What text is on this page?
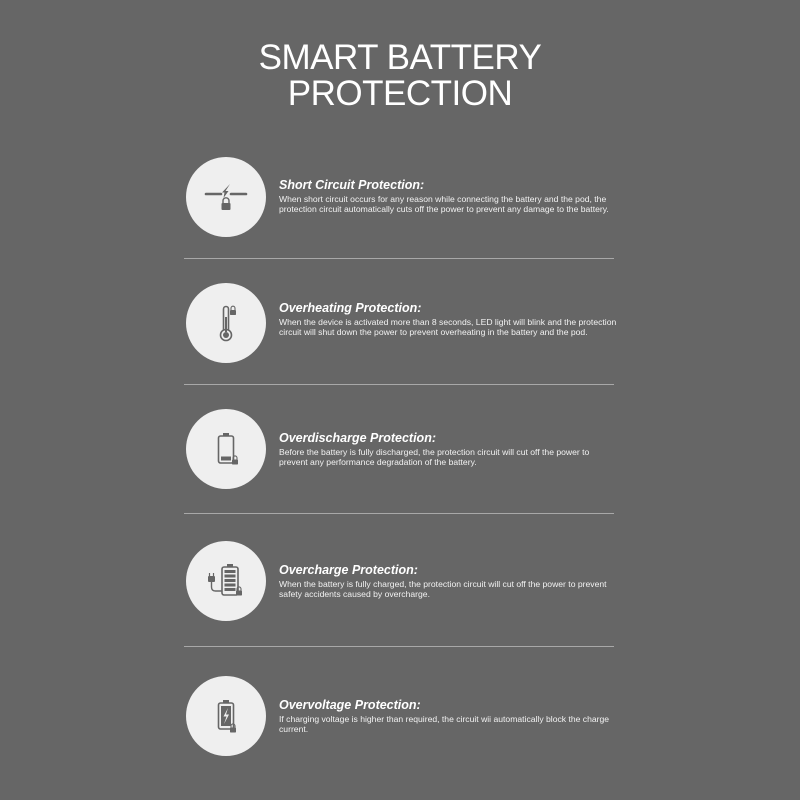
SMART BATTERY
PROTECTION

Short Circuit Protection:

When short circuit occurs for any reason while connecting the battery and the pod, the protection circuit automatically cuts off the power to prevent any damage to the battery.

Overheating Protection:

When the device is activated more than 8 seconds, LED light will blink and the protection circuit will shut down the power to prevent overheating in the battery and the pod.

Overdischarge Protection:

Before the battery is fully discharged, the protection circuit will cut off the power to prevent any performance degradation of the battery.

Overcharge Protection:

When the battery is fully charged, the protection circuit will cut off the power to prevent safety accidents caused by overcharge.

Overvoltage Protection:

If charging voltage is higher than required, the circuit wii automatically block the charge current.
